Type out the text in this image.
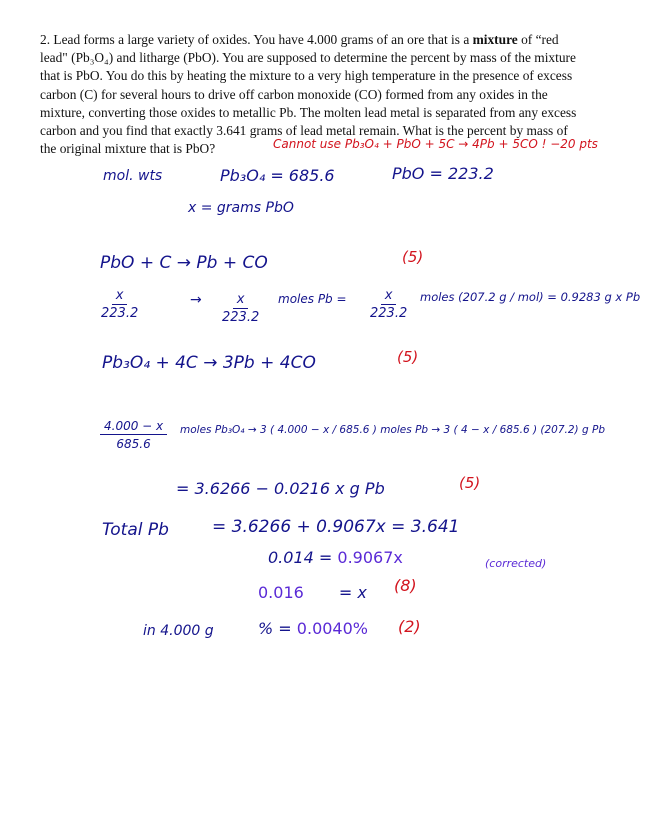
2. Lead forms a large variety of oxides. You have 4.000 grams of an ore that is a mixture of “red
lead" (Pb₃O₄) and litharge (PbO). You are supposed to determine the percent by mass of the mixture
that is PbO. You do this by heating the mixture to a very high temperature in the presence of excess
carbon (C) for several hours to drive off carbon monoxide (CO) formed from any oxides in the
mixture, converting those oxides to metallic Pb. The molten lead metal is separated from any excess
carbon and you find that exactly 3.641 grams of lead metal remain. What is the percent by mass of
the original mixture that is PbO?	Cannot use Pb₃O₄ + PbO + 5C → 4Pb + 5CO ! −20 pts
mol. wts	Pb₃O₄ = 685.6	PbO = 223.2
x = grams PbO
PbO + C → Pb + CO	(5)
$\frac{x}{223.2}$	→ $\frac{x}{223.2}$ moles $Pb = \frac{x}{223.2}$ moles (207.2 g / mol) = 0.9283 g x Pb
Pb₃O₄ + 4C → 3Pb + 4CO	(5)
$\frac{4.000 - x}{685.6}$ moles Pb₃O₄ → 3 ( 4.000 − x / 685.6 ) moles Pb → 3 ( 4 − x / 685.6 ) (207.2) g Pb
= 3.6266 − 0.0216 x g Pb	(5)
Total Pb	= 3.6266 + 0.9067x = 3.641
0.014 = 0.9067x	(corrected)
0.016 = x (8)
in 4.000 g	% = 0.0040% (2)
